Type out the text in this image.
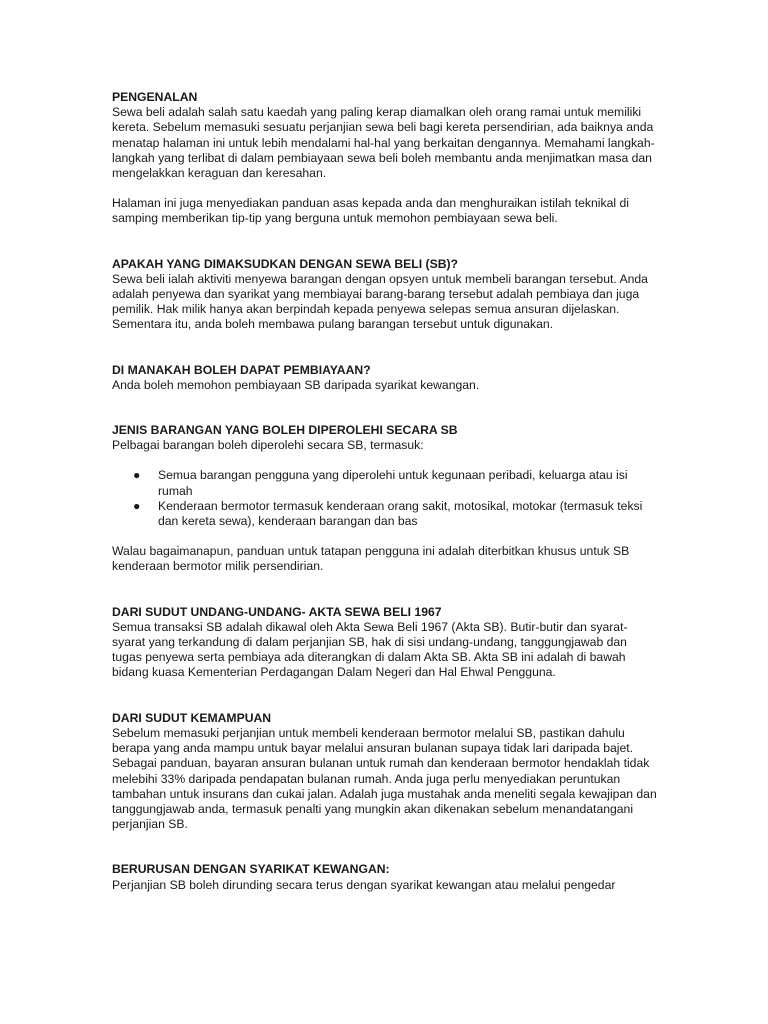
PENGENALAN

Sewa beli adalah salah satu kaedah yang paling kerap diamalkan oleh orang ramai untuk memiliki kereta. Sebelum memasuki sesuatu perjanjian sewa beli bagi kereta persendirian, ada baiknya anda menatap halaman ini untuk lebih mendalami hal-hal yang berkaitan dengannya. Memahami langkah-langkah yang terlibat di dalam pembiayaan sewa beli boleh membantu anda menjimatkan masa dan mengelakkan keraguan dan keresahan.

Halaman ini juga menyediakan panduan asas kepada anda dan menghuraikan istilah teknikal di samping memberikan tip-tip yang berguna untuk memohon pembiayaan sewa beli.

APAKAH YANG DIMAKSUDKAN DENGAN SEWA BELI (SB)?

Sewa beli ialah aktiviti menyewa barangan dengan opsyen untuk membeli barangan tersebut. Anda adalah penyewa dan syarikat yang membiayai barang-barang tersebut adalah pembiaya dan juga pemilik. Hak milik hanya akan berpindah kepada penyewa selepas semua ansuran dijelaskan. Sementara itu, anda boleh membawa pulang barangan tersebut untuk digunakan.

DI MANAKAH BOLEH DAPAT PEMBIAYAAN?

Anda boleh memohon pembiayaan SB daripada syarikat kewangan.

JENIS BARANGAN YANG BOLEH DIPEROLEHI SECARA SB

Pelbagai barangan boleh diperolehi secara SB, termasuk:

● Semua barangan pengguna yang diperolehi untuk kegunaan peribadi, keluarga atau isi rumah
● Kenderaan bermotor termasuk kenderaan orang sakit, motosikal, motokar (termasuk teksi dan kereta sewa), kenderaan barangan dan bas

Walau bagaimanapun, panduan untuk tatapan pengguna ini adalah diterbitkan khusus untuk SB kenderaan bermotor milik persendirian.

DARI SUDUT UNDANG-UNDANG- AKTA SEWA BELI 1967

Semua transaksi SB adalah dikawal oleh Akta Sewa Beli 1967 (Akta SB). Butir-butir dan syarat-syarat yang terkandung di dalam perjanjian SB, hak di sisi undang-undang, tanggungjawab dan tugas penyewa serta pembiaya ada diterangkan di dalam Akta SB. Akta SB ini adalah di bawah bidang kuasa Kementerian Perdagangan Dalam Negeri dan Hal Ehwal Pengguna.

DARI SUDUT KEMAMPUAN

Sebelum memasuki perjanjian untuk membeli kenderaan bermotor melalui SB, pastikan dahulu berapa yang anda mampu untuk bayar melalui ansuran bulanan supaya tidak lari daripada bajet. Sebagai panduan, bayaran ansuran bulanan untuk rumah dan kenderaan bermotor hendaklah tidak melebihi 33% daripada pendapatan bulanan rumah. Anda juga perlu menyediakan peruntukan tambahan untuk insurans dan cukai jalan. Adalah juga mustahak anda meneliti segala kewajipan dan tanggungjawab anda, termasuk penalti yang mungkin akan dikenakan sebelum menandatangani perjanjian SB.

BERURUSAN DENGAN SYARIKAT KEWANGAN:

Perjanjian SB boleh dirunding secara terus dengan syarikat kewangan atau melalui pengedar
